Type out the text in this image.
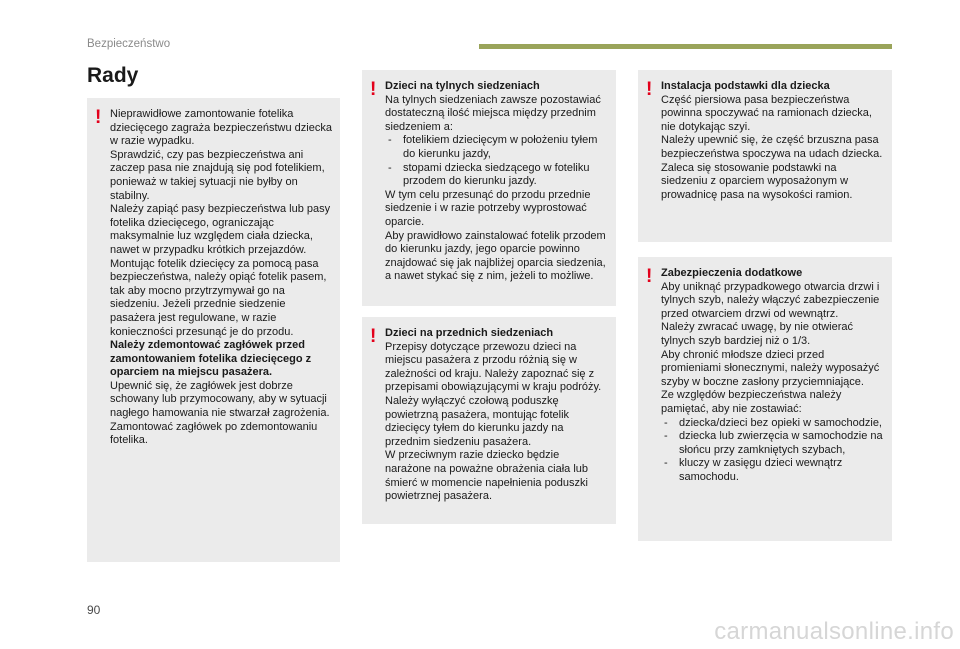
Bezpieczeństwo
Rady
! Nieprawidłowe zamontowanie fotelika dziecięcego zagraża bezpieczeństwu dziecka w razie wypadku.

Sprawdzić, czy pas bezpieczeństwa ani zaczep pasa nie znajdują się pod fotelikiem, ponieważ w takiej sytuacji nie byłby on stabilny.

Należy zapiąć pasy bezpieczeństwa lub pasy fotelika dziecięcego, ograniczając maksymalnie luz względem ciała dziecka, nawet w przypadku krótkich przejazdów.

Montując fotelik dziecięcy za pomocą pasa bezpieczeństwa, należy opiąć fotelik pasem, tak aby mocno przytrzymywał go na siedzeniu. Jeżeli przednie siedzenie pasażera jest regulowane, w razie konieczności przesunąć je do przodu.

Należy zdemontować zagłówek przed zamontowaniem fotelika dziecięcego z oparciem na miejscu pasażera.

Upewnić się, że zagłówek jest dobrze schowany lub przymocowany, aby w sytuacji nagłego hamowania nie stwarzał zagrożenia. Zamontować zagłówek po zdemontowaniu fotelika.

! Dzieci na tylnych siedzeniach

Na tylnych siedzeniach zawsze pozostawiać dostateczną ilość miejsca między przednim siedzeniem a:

- fotelikiem dziecięcym w położeniu tyłem do kierunku jazdy,
- stopami dziecka siedzącego w foteliku przodem do kierunku jazdy.

W tym celu przesunąć do przodu przednie siedzenie i w razie potrzeby wyprostować oparcie.

Aby prawidłowo zainstalować fotelik przodem do kierunku jazdy, jego oparcie powinno znajdować się jak najbliżej oparcia siedzenia, a nawet stykać się z nim, jeżeli to możliwe.

! Dzieci na przednich siedzeniach

Przepisy dotyczące przewozu dzieci na miejscu pasażera z przodu różnią się w zależności od kraju. Należy zapoznać się z przepisami obowiązującymi w kraju podróży.

Należy wyłączyć czołową poduszkę powietrzną pasażera, montując fotelik dziecięcy tyłem do kierunku jazdy na przednim siedzeniu pasażera.

W przeciwnym razie dziecko będzie narażone na poważne obrażenia ciała lub śmierć w momencie napełnienia poduszki powietrznej pasażera.

! Instalacja podstawki dla dziecka

Część piersiowa pasa bezpieczeństwa powinna spoczywać na ramionach dziecka, nie dotykając szyi.

Należy upewnić się, że część brzuszna pasa bezpieczeństwa spoczywa na udach dziecka.

Zaleca się stosowanie podstawki na siedzeniu z oparciem wyposażonym w prowadnicę pasa na wysokości ramion.

! Zabezpieczenia dodatkowe

Aby uniknąć przypadkowego otwarcia drzwi i tylnych szyb, należy włączyć zabezpieczenie przed otwarciem drzwi od wewnątrz.

Należy zwracać uwagę, by nie otwierać tylnych szyb bardziej niż o 1/3.

Aby chronić młodsze dzieci przed promieniami słonecznymi, należy wyposażyć szyby w boczne zasłony przyciemniające.

Ze względów bezpieczeństwa należy pamiętać, aby nie zostawiać:

- dziecka/dzieci bez opieki w samochodzie,
- dziecka lub zwierzęcia w samochodzie na słońcu przy zamkniętych szybach,
- kluczy w zasięgu dzieci wewnątrz samochodu.
90
carmanualsonline.info
